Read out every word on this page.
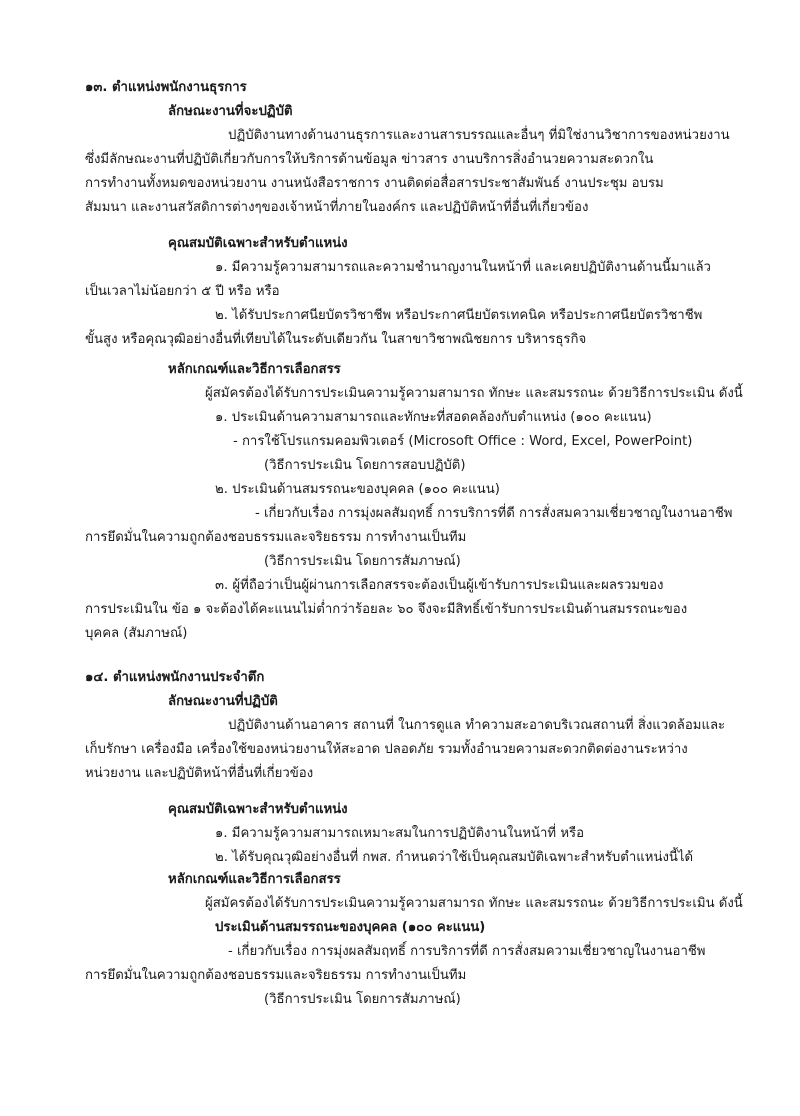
๑๓. ตำแหน่งพนักงานธุรการ
ลักษณะงานที่จะปฏิบัติ
ปฏิบัติงานทางด้านงานธุรการและงานสารบรรณและอื่นๆ ที่มิใช่งานวิชาการของหน่วยงาน
ซึ่งมีลักษณะงานที่ปฏิบัติเกี่ยวกับการให้บริการด้านข้อมูล ข่าวสาร งานบริการสิ่งอำนวยความสะดวกใน
การทำงานทั้งหมดของหน่วยงาน งานหนังสือราชการ งานติดต่อสื่อสารประชาสัมพันธ์ งานประชุม อบรม
สัมมนา และงานสวัสดิการต่างๆของเจ้าหน้าที่ภายในองค์กร และปฏิบัติหน้าที่อื่นที่เกี่ยวข้อง
คุณสมบัติเฉพาะสำหรับตำแหน่ง
๑. มีความรู้ความสามารถและความชำนาญงานในหน้าที่ และเคยปฏิบัติงานด้านนี้มาแล้ว
เป็นเวลาไม่น้อยกว่า ๕ ปี หรือ หรือ
๒. ได้รับประกาศนียบัตรวิชาชีพ หรือประกาศนียบัตรเทคนิค หรือประกาศนียบัตรวิชาชีพ
ขั้นสูง หรือคุณวุฒิอย่างอื่นที่เทียบได้ในระดับเดียวกัน ในสาขาวิชาพณิชยการ บริหารธุรกิจ
หลักเกณฑ์และวิธีการเลือกสรร
ผู้สมัครต้องได้รับการประเมินความรู้ความสามารถ ทักษะ และสมรรถนะ ด้วยวิธีการประเมิน ดังนี้
๑. ประเมินด้านความสามารถและทักษะที่สอดคล้องกับตำแหน่ง (๑๐๐ คะแนน)
- การใช้โปรแกรมคอมพิวเตอร์ (Microsoft Office : Word, Excel, PowerPoint)
(วิธีการประเมิน โดยการสอบปฏิบัติ)
๒. ประเมินด้านสมรรถนะของบุคคล (๑๐๐ คะแนน)
- เกี่ยวกับเรื่อง การมุ่งผลสัมฤทธิ์ การบริการที่ดี การสั่งสมความเชี่ยวชาญในงานอาชีพ
การยึดมั่นในความถูกต้องชอบธรรมและจริยธรรม การทำงานเป็นทีม
(วิธีการประเมิน โดยการสัมภาษณ์)
๓. ผู้ที่ถือว่าเป็นผู้ผ่านการเลือกสรรจะต้องเป็นผู้เข้ารับการประเมินและผลรวมของ
การประเมินใน ข้อ ๑ จะต้องได้คะแนนไม่ต่ำกว่าร้อยละ ๖๐ จึงจะมีสิทธิ์เข้ารับการประเมินด้านสมรรถนะของ
บุคคล (สัมภาษณ์)
๑๔. ตำแหน่งพนักงานประจำตึก
ลักษณะงานที่ปฏิบัติ
ปฏิบัติงานด้านอาคาร สถานที่ ในการดูแล ทำความสะอาดบริเวณสถานที่ สิ่งแวดล้อมและ
เก็บรักษา เครื่องมือ เครื่องใช้ของหน่วยงานให้สะอาด ปลอดภัย รวมทั้งอำนวยความสะดวกติดต่องานระหว่าง
หน่วยงาน และปฏิบัติหน้าที่อื่นที่เกี่ยวข้อง
คุณสมบัติเฉพาะสำหรับตำแหน่ง
๑. มีความรู้ความสามารถเหมาะสมในการปฏิบัติงานในหน้าที่ หรือ
๒. ได้รับคุณวุฒิอย่างอื่นที่ กพส. กำหนดว่าใช้เป็นคุณสมบัติเฉพาะสำหรับตำแหน่งนี้ได้
หลักเกณฑ์และวิธีการเลือกสรร
ผู้สมัครต้องได้รับการประเมินความรู้ความสามารถ ทักษะ และสมรรถนะ ด้วยวิธีการประเมิน ดังนี้
ประเมินด้านสมรรถนะของบุคคล (๑๐๐ คะแนน)
- เกี่ยวกับเรื่อง การมุ่งผลสัมฤทธิ์ การบริการที่ดี การสั่งสมความเชี่ยวชาญในงานอาชีพ
การยึดมั่นในความถูกต้องชอบธรรมและจริยธรรม การทำงานเป็นทีม
(วิธีการประเมิน โดยการสัมภาษณ์)
